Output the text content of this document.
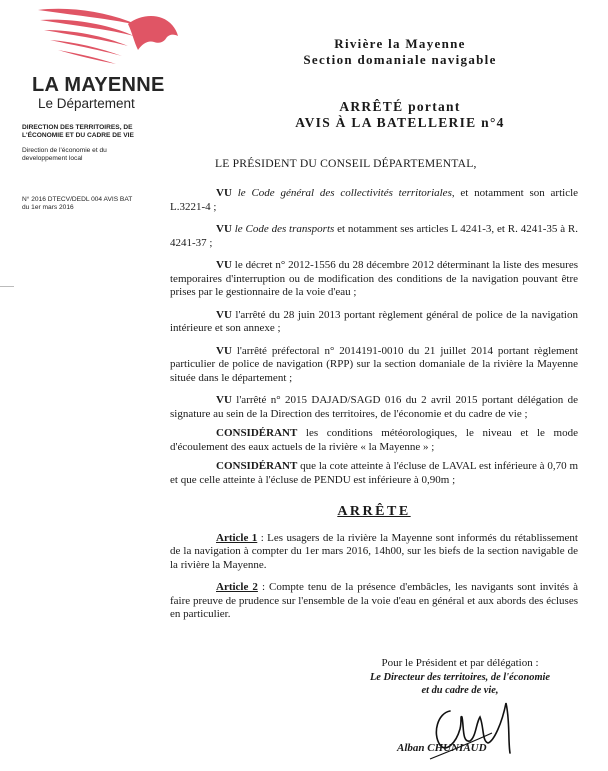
LA MAYENNE
Le Département
DIRECTION DES TERRITOIRES, DE
L'ÉCONOMIE ET DU CADRE DE VIE
Direction de l'économie et du
developpement local
N° 2016 DTECV/DEDL 004 AVIS BAT
du 1er mars 2016
Rivière la Mayenne
Section domaniale navigable
ARRÊTÉ portant
AVIS À LA BATELLERIE n°4
LE PRÉSIDENT DU CONSEIL DÉPARTEMENTAL,

VU le Code général des collectivités territoriales, et notamment son article L.3221-4 ;

VU le Code des transports et notamment ses articles L 4241-3, et R. 4241-35 à R. 4241-37 ;

VU le décret n° 2012-1556 du 28 décembre 2012 déterminant la liste des mesures temporaires d'interruption ou de modification des conditions de la navigation pouvant être prises par le gestionnaire de la voie d'eau ;

VU l'arrêté du 28 juin 2013 portant règlement général de police de la navigation intérieure et son annexe ;

VU l'arrêté préfectoral n° 2014191-0010 du 21 juillet 2014 portant règlement particulier de police de navigation (RPP) sur la section domaniale de la rivière la Mayenne située dans le département ;

VU l'arrêté n° 2015 DAJAD/SAGD 016 du 2 avril 2015 portant délégation de signature au sein de la Direction des territoires, de l'économie et du cadre de vie ;

CONSIDÉRANT les conditions météorologiques, le niveau et le mode d'écoulement des eaux actuels de la rivière « la Mayenne » ;

CONSIDÉRANT que la cote atteinte à l'écluse de LAVAL est inférieure à 0,70 m et que celle atteinte à l'écluse de PENDU est inférieure à 0,90m ;

ARRÊTE

Article 1 : Les usagers de la rivière la Mayenne sont informés du rétablissement de la navigation à compter du 1er mars 2016, 14h00, sur les biefs de la section navigable de la rivière la Mayenne.

Article 2 : Compte tenu de la présence d'embâcles, les navigants sont invités à faire preuve de prudence sur l'ensemble de la voie d'eau en général et aux abords des écluses en particulier.

Pour le Président et par délégation :
Le Directeur des territoires, de l'économie
et du cadre de vie,
Alban CHUNIAUD
